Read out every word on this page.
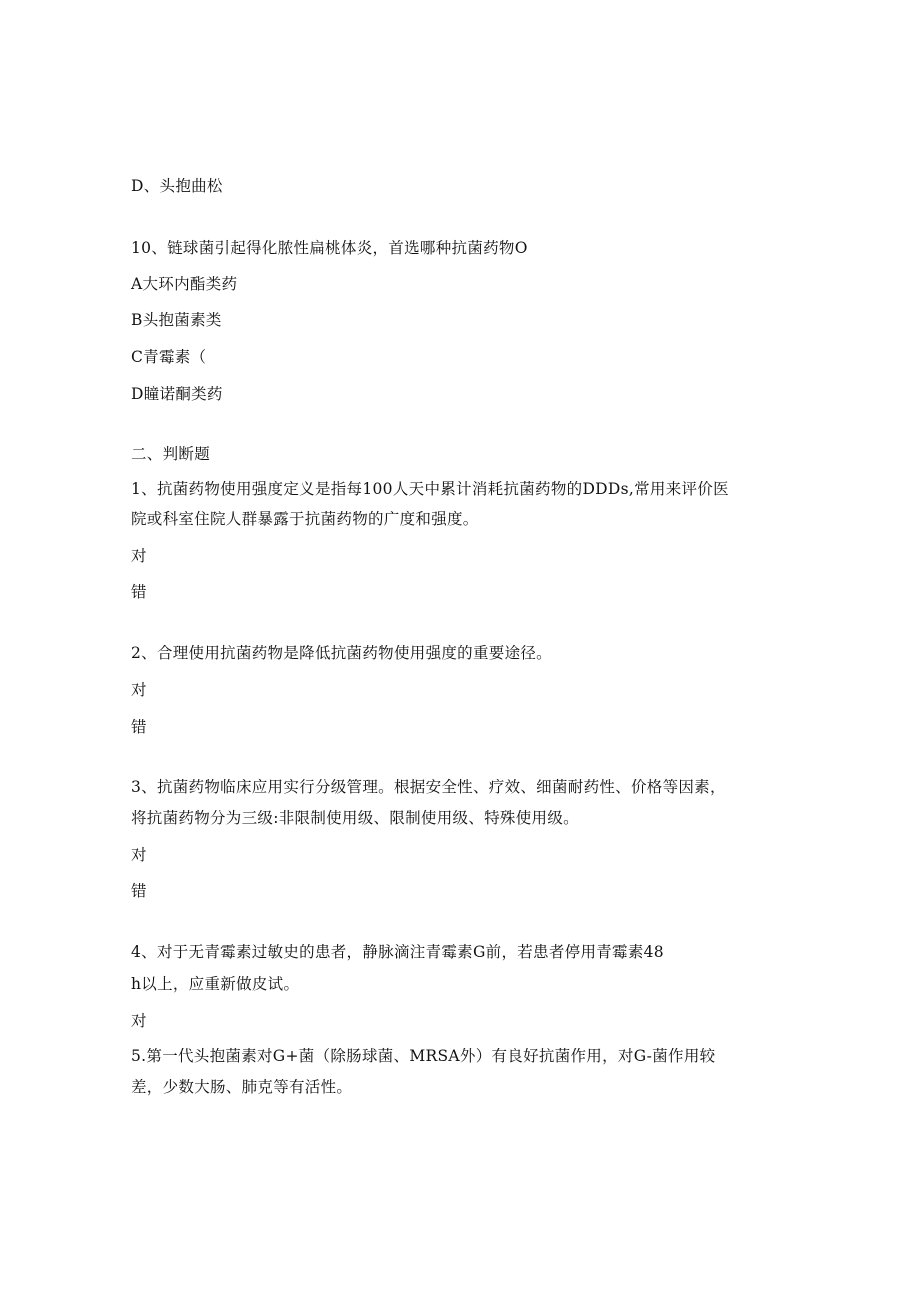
D、头抱曲松
10、链球菌引起得化脓性扁桃体炎，首选哪种抗菌药物O
A大环内酯类药
B头抱菌素类
C青霉素（
D瞳诺酮类药
二、判断题
1、抗菌药物使用强度定义是指每100人天中累计消耗抗菌药物的DDDs,常用来评价医
院或科室住院人群暴露于抗菌药物的广度和强度。
对
错
2、合理使用抗菌药物是降低抗菌药物使用强度的重要途径。
对
错
3、抗菌药物临床应用实行分级管理。根据安全性、疗效、细菌耐药性、价格等因素，
将抗菌药物分为三级:非限制使用级、限制使用级、特殊使用级。
对
错
4、对于无青霉素过敏史的患者，静脉滴注青霉素G前，若患者停用青霉素48
h以上，应重新做皮试。
对
5.第一代头抱菌素对G+菌（除肠球菌、MRSA外）有良好抗菌作用，对G-菌作用较
差，少数大肠、肺克等有活性。
